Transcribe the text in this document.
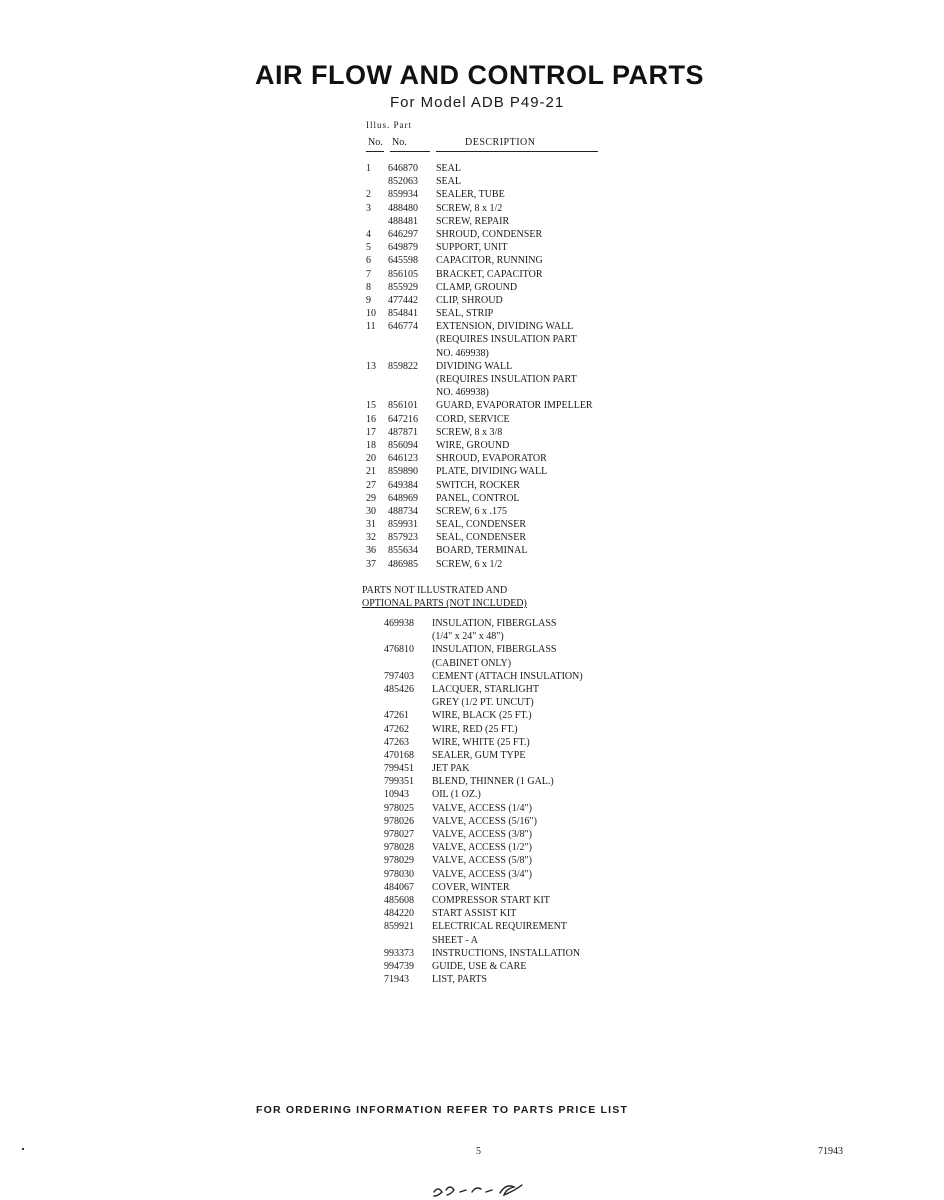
AIR FLOW AND CONTROL PARTS
For Model ADB P49-21
Illus. Part
No. No.	DESCRIPTION
1 646870 SEAL
852063 SEAL
2 859934 SEALER, TUBE
3 488480 SCREW, 8 x 1/2
488481 SCREW, REPAIR
4 646297 SHROUD, CONDENSER
5 649879 SUPPORT, UNIT
6 645598 CAPACITOR, RUNNING
7 856105 BRACKET, CAPACITOR
8 855929 CLAMP, GROUND
9 477442 CLIP, SHROUD
10 854841 SEAL, STRIP
11 646774 EXTENSION, DIVIDING WALL
(REQUIRES INSULATION PART
NO. 469938)
13 859822 DIVIDING WALL
(REQUIRES INSULATION PART
NO. 469938)
15 856101 GUARD, EVAPORATOR IMPELLER
16 647216 CORD, SERVICE
17 487871 SCREW, 8 x 3/8
18 856094 WIRE, GROUND
20 646123 SHROUD, EVAPORATOR
21 859890 PLATE, DIVIDING WALL
27 649384 SWITCH, ROCKER
29 648969 PANEL, CONTROL
30 488734 SCREW, 6 x .175
31 859931 SEAL, CONDENSER
32 857923 SEAL, CONDENSER
36 855634 BOARD, TERMINAL
37 486985 SCREW, 6 x 1/2
PARTS NOT ILLUSTRATED AND
OPTIONAL PARTS (NOT INCLUDED)
469938 INSULATION, FIBERGLASS
(1/4" x 24" x 48")
476810 INSULATION, FIBERGLASS
(CABINET ONLY)
797403 CEMENT (ATTACH INSULATION)
485426 LACQUER, STARLIGHT
GREY (1/2 PT. UNCUT)
47261 WIRE, BLACK (25 FT.)
47262 WIRE, RED (25 FT.)
47263 WIRE, WHITE (25 FT.)
470168 SEALER, GUM TYPE
799451 JET PAK
799351 BLEND, THINNER (1 GAL.)
10943 OIL (1 OZ.)
978025 VALVE, ACCESS (1/4")
978026 VALVE, ACCESS (5/16")
978027 VALVE, ACCESS (3/8")
978028 VALVE, ACCESS (1/2")
978029 VALVE, ACCESS (5/8")
978030 VALVE, ACCESS (3/4")
484067 COVER, WINTER
485608 COMPRESSOR START KIT
484220 START ASSIST KIT
859921 ELECTRICAL REQUIREMENT
SHEET - A
993373 INSTRUCTIONS, INSTALLATION
994739 GUIDE, USE & CARE
71943 LIST, PARTS
FOR ORDERING INFORMATION REFER TO PARTS PRICE LIST
5	71943
